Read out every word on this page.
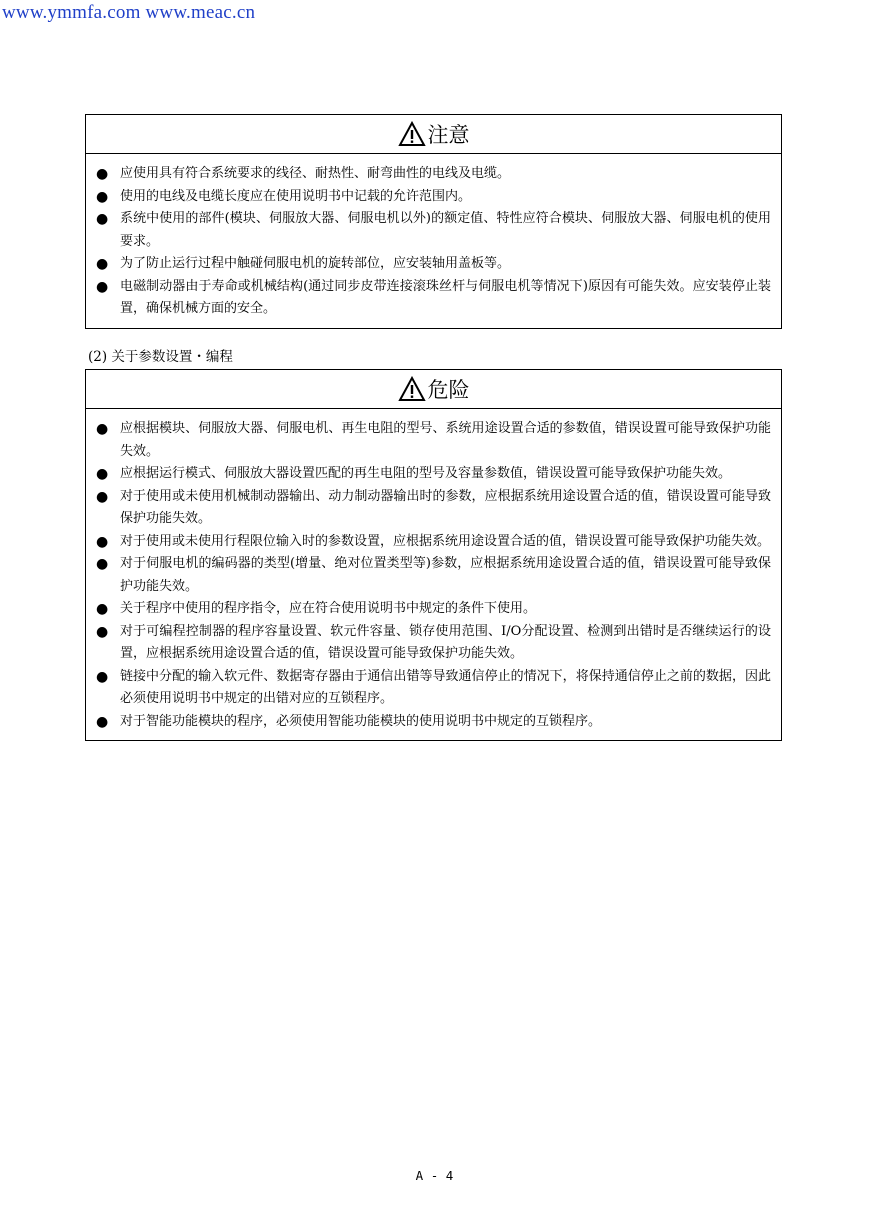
www.ymmfa.com www.meac.cn
注意
● 应使用具有符合系统要求的线径、耐热性、耐弯曲性的电线及电缆。
● 使用的电线及电缆长度应在使用说明书中记载的允许范围内。
● 系统中使用的部件(模块、伺服放大器、伺服电机以外)的额定值、特性应符合模块、伺服放大器、伺服电机的使用要求。
● 为了防止运行过程中触碰伺服电机的旋转部位，应安装轴用盖板等。
● 电磁制动器由于寿命或机械结构(通过同步皮带连接滚珠丝杆与伺服电机等情况下)原因有可能失效。应安装停止装置，确保机械方面的安全。
(2) 关于参数设置・编程
危险
● 应根据模块、伺服放大器、伺服电机、再生电阻的型号、系统用途设置合适的参数值，错误设置可能导致保护功能失效。
● 应根据运行模式、伺服放大器设置匹配的再生电阻的型号及容量参数值，错误设置可能导致保护功能失效。
● 对于使用或未使用机械制动器输出、动力制动器输出时的参数，应根据系统用途设置合适的值，错误设置可能导致保护功能失效。
● 对于使用或未使用行程限位输入时的参数设置，应根据系统用途设置合适的值，错误设置可能导致保护功能失效。
● 对于伺服电机的编码器的类型(增量、绝对位置类型等)参数，应根据系统用途设置合适的值，错误设置可能导致保护功能失效。
● 关于程序中使用的程序指令，应在符合使用说明书中规定的条件下使用。
● 对于可编程控制器的程序容量设置、软元件容量、锁存使用范围、I/O分配设置、检测到出错时是否继续运行的设置，应根据系统用途设置合适的值，错误设置可能导致保护功能失效。
● 链接中分配的输入软元件、数据寄存器由于通信出错等导致通信停止的情况下，将保持通信停止之前的数据，因此必须使用说明书中规定的出错对应的互锁程序。
● 对于智能功能模块的程序，必须使用智能功能模块的使用说明书中规定的互锁程序。
A - 4
